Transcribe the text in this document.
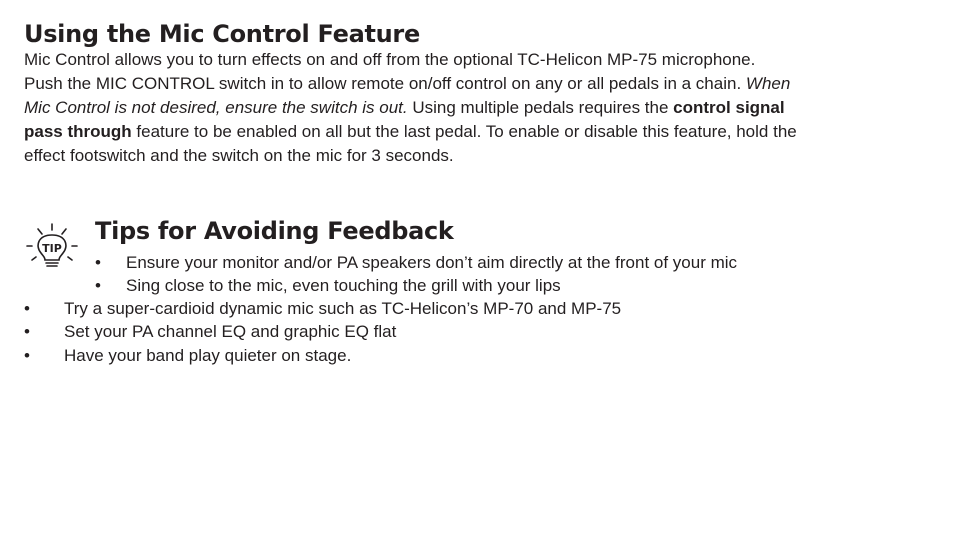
Using the Mic Control Feature

Mic Control allows you to turn effects on and off from the optional TC-Helicon MP-75 microphone.

Push the MIC CONTROL switch in to allow remote on/off control on any or all pedals in a chain. When

Mic Control is not desired, ensure the switch is out. Using multiple pedals requires the control signal

pass through feature to be enabled on all but the last pedal. To enable or disable this feature, hold the

effect footswitch and the switch on the mic for 3 seconds.

TIP
Tips for Avoiding Feedback
• Ensure your monitor and/or PA speakers don’t aim directly at the front of your mic
• Sing close to the mic, even touching the grill with your lips
• Try a super-cardioid dynamic mic such as TC-Helicon’s MP-70 and MP-75
• Set your PA channel EQ and graphic EQ flat
• Have your band play quieter on stage.
